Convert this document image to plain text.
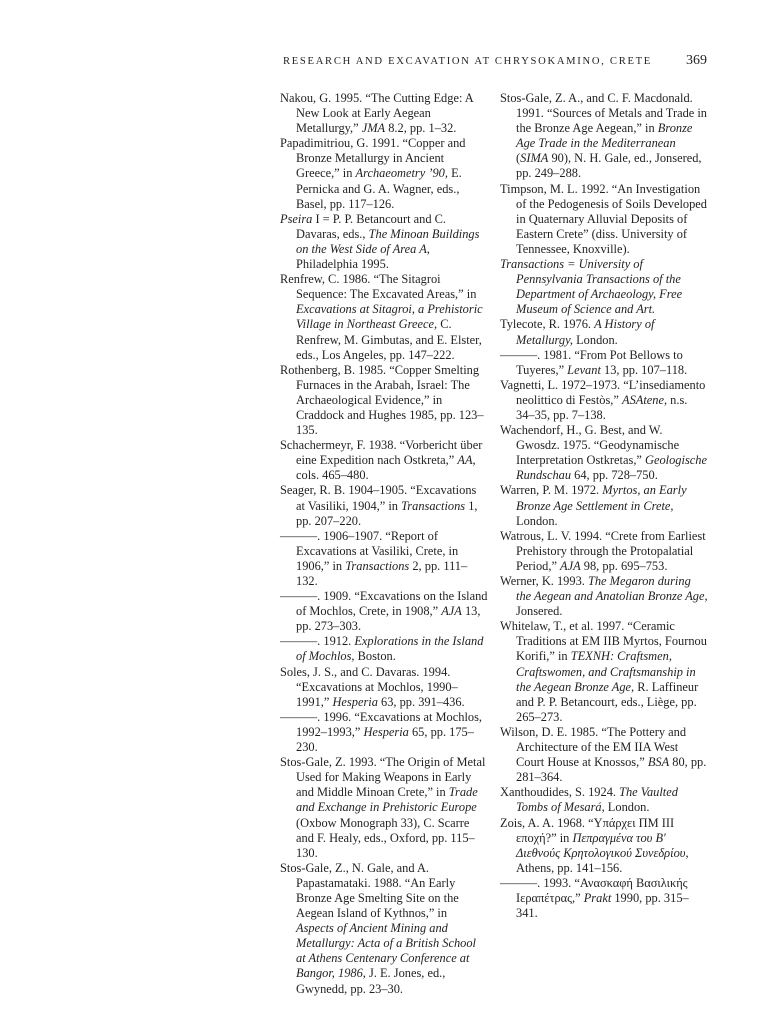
RESEARCH AND EXCAVATION AT CHRYSOKAMINO, CRETE 369

Nakou, G. 1995. “The Cutting Edge: A New Look at Early Aegean Metallurgy,” JMA 8.2, pp. 1–32.

Papadimitriou, G. 1991. “Copper and Bronze Metallurgy in Ancient Greece,” in Archaeometry ’90, E. Pernicka and G. A. Wagner, eds., Basel, pp. 117–126.

Pseira I = P. P. Betancourt and C. Davaras, eds., The Minoan Buildings on the West Side of Area A, Philadelphia 1995.

Renfrew, C. 1986. “The Sitagroi Sequence: The Excavated Areas,” in Excavations at Sitagroi, a Prehistoric Village in Northeast Greece, C. Renfrew, M. Gimbutas, and E. Elster, eds., Los Angeles, pp. 147–222.

Rothenberg, B. 1985. “Copper Smelting Furnaces in the Arabah, Israel: The Archaeological Evidence,” in Craddock and Hughes 1985, pp. 123–135.

Schachermeyr, F. 1938. “Vorbericht über eine Expedition nach Ostkreta,” AA, cols. 465–480.

Seager, R. B. 1904–1905. “Excavations at Vasiliki, 1904,” in Transactions 1, pp. 207–220.

———. 1906–1907. “Report of Excavations at Vasiliki, Crete, in 1906,” in Transactions 2, pp. 111–132.

———. 1909. “Excavations on the Island of Mochlos, Crete, in 1908,” AJA 13, pp. 273–303.

———. 1912. Explorations in the Island of Mochlos, Boston.

Soles, J. S., and C. Davaras. 1994. “Excavations at Mochlos, 1990–1991,” Hesperia 63, pp. 391–436.

———. 1996. “Excavations at Mochlos, 1992–1993,” Hesperia 65, pp. 175–230.

Stos-Gale, Z. 1993. “The Origin of Metal Used for Making Weapons in Early and Middle Minoan Crete,” in Trade and Exchange in Prehistoric Europe (Oxbow Monograph 33), C. Scarre and F. Healy, eds., Oxford, pp. 115–130.

Stos-Gale, Z., N. Gale, and A. Papastamataki. 1988. “An Early Bronze Age Smelting Site on the Aegean Island of Kythnos,” in Aspects of Ancient Mining and Metallurgy: Acta of a British School at Athens Centenary Conference at Bangor, 1986, J. E. Jones, ed., Gwynedd, pp. 23–30.

Stos-Gale, Z. A., and C. F. Macdonald. 1991. “Sources of Metals and Trade in the Bronze Age Aegean,” in Bronze Age Trade in the Mediterranean (SIMA 90), N. H. Gale, ed., Jonsered, pp. 249–288.

Timpson, M. L. 1992. “An Investigation of the Pedogenesis of Soils Developed in Quaternary Alluvial Deposits of Eastern Crete” (diss. University of Tennessee, Knoxville).

Transactions = University of Pennsylvania Transactions of the Department of Archaeology, Free Museum of Science and Art.

Tylecote, R. 1976. A History of Metallurgy, London.

———. 1981. “From Pot Bellows to Tuyeres,” Levant 13, pp. 107–118.

Vagnetti, L. 1972–1973. “L’insediamento neolittico di Festòs,” ASAtene, n.s. 34–35, pp. 7–138.

Wachendorf, H., G. Best, and W. Gwosdz. 1975. “Geodynamische Interpretation Ostkretas,” Geologische Rundschau 64, pp. 728–750.

Warren, P. M. 1972. Myrtos, an Early Bronze Age Settlement in Crete, London.

Watrous, L. V. 1994. “Crete from Earliest Prehistory through the Protopalatial Period,” AJA 98, pp. 695–753.

Werner, K. 1993. The Megaron during the Aegean and Anatolian Bronze Age, Jonsered.

Whitelaw, T., et al. 1997. “Ceramic Traditions at EM IIB Myrtos, Fournou Korifi,” in TEXNH: Craftsmen, Craftswomen, and Craftsmanship in the Aegean Bronze Age, R. Laffineur and P. P. Betancourt, eds., Liège, pp. 265–273.

Wilson, D. E. 1985. “The Pottery and Architecture of the EM IIA West Court House at Knossos,” BSA 80, pp. 281–364.

Xanthoudides, S. 1924. The Vaulted Tombs of Mesará, London.

Zois, A. A. 1968. “Υπάρχει ΠΜ ΙΙΙ εποχή?” in Πεπραγμένα του Β′ Διεθνούς Κρητολογικού Συνεδρίου, Athens, pp. 141–156.

———. 1993. “Ανασκαφή Βασιλικής Ιεραπέτρας,” Prakt 1990, pp. 315–341.
